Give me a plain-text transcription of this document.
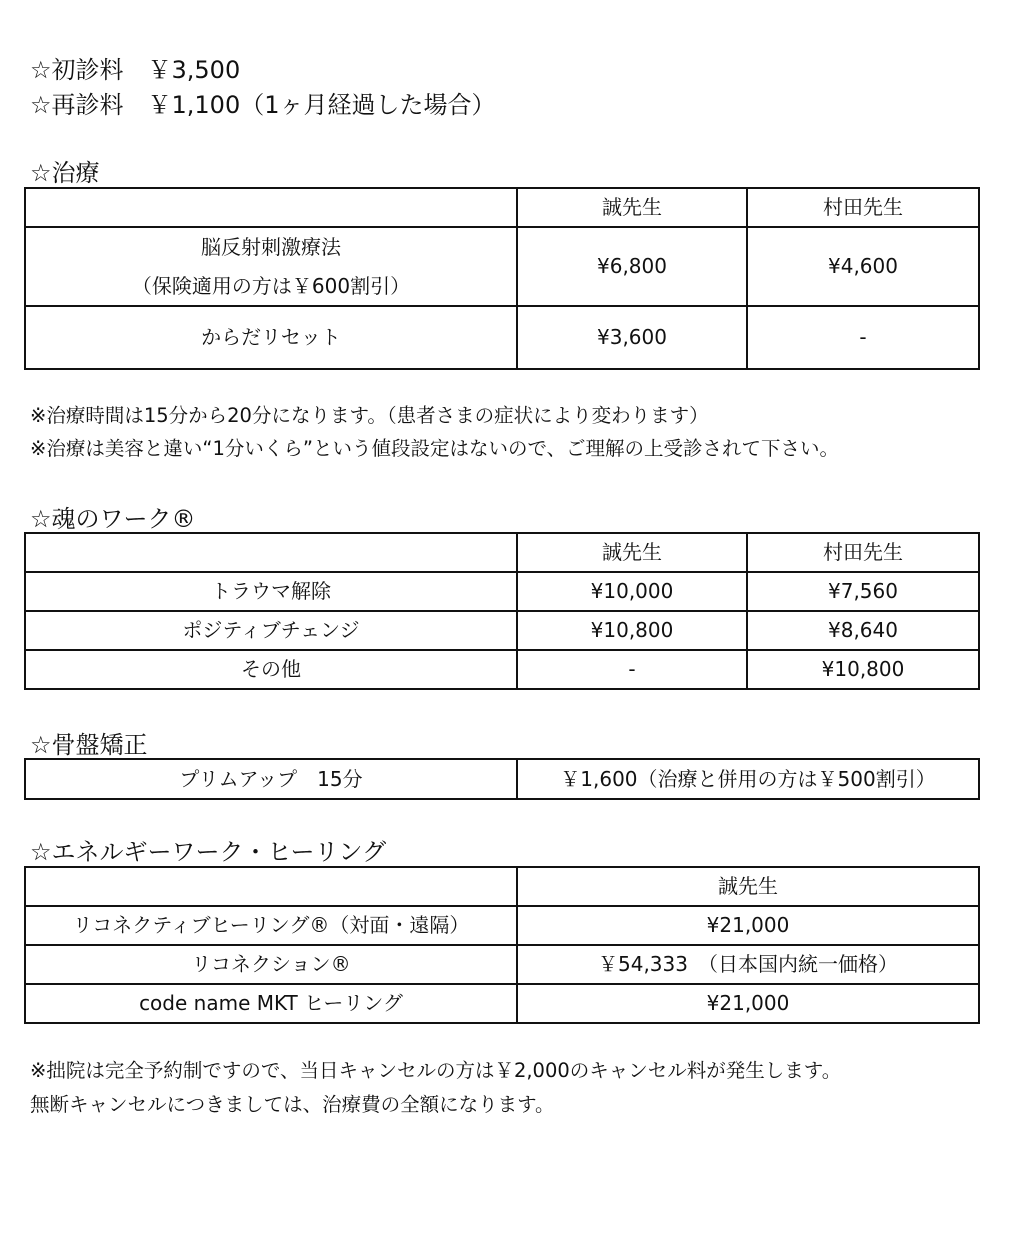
☆初診料　￥3,500
☆再診料　￥1,100（1ヶ月経過した場合）
☆治療
	誠先生	村田先生
脳反射刺激療法
（保険適用の方は￥600割引）	¥6,800	¥4,600
からだリセット	¥3,600	-
※治療時間は15分から20分になります。（患者さまの症状により変わります）
※治療は美容と違い“1分いくら”という値段設定はないので、ご理解の上受診されて下さい。
☆魂のワーク®
	誠先生	村田先生
トラウマ解除	¥10,000	¥7,560
ポジティブチェンジ	¥10,800	¥8,640
その他	-	¥10,800
☆骨盤矯正
プリムアップ　15分	￥1,600（治療と併用の方は￥500割引）
☆エネルギーワーク・ヒーリング
	誠先生
リコネクティブヒーリング®（対面・遠隔）	¥21,000
リコネクション®	￥54,333　（日本国内統一価格）
code name MKT ヒーリング	¥21,000
※拙院は完全予約制ですので、当日キャンセルの方は￥2,000のキャンセル料が発生します。
無断キャンセルにつきましては、治療費の全額になります。
